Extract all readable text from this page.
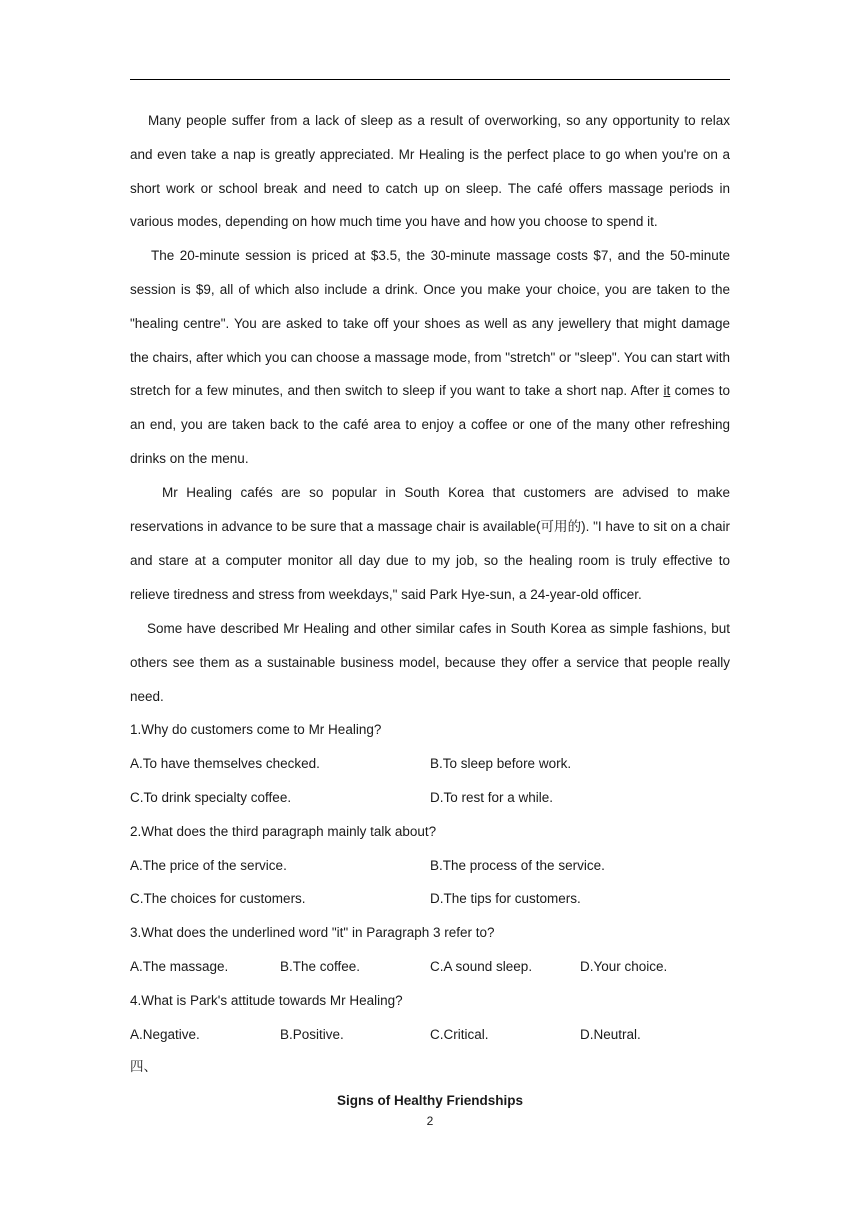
Many people suffer from a lack of sleep as a result of overworking, so any opportunity to relax and even take a nap is greatly appreciated. Mr Healing is the perfect place to go when you're on a short work or school break and need to catch up on sleep. The café offers massage periods in various modes, depending on how much time you have and how you choose to spend it.

The 20-minute session is priced at $3.5, the 30-minute massage costs $7, and the 50-minute session is $9, all of which also include a drink. Once you make your choice, you are taken to the "healing centre". You are asked to take off your shoes as well as any jewellery that might damage the chairs, after which you can choose a massage mode, from "stretch" or "sleep". You can start with stretch for a few minutes, and then switch to sleep if you want to take a short nap. After it comes to an end, you are taken back to the café area to enjoy a coffee or one of the many other refreshing drinks on the menu.

Mr Healing cafés are so popular in South Korea that customers are advised to make reservations in advance to be sure that a massage chair is available(可用的). "I have to sit on a chair and stare at a computer monitor all day due to my job, so the healing room is truly effective to relieve tiredness and stress from weekdays," said Park Hye-sun, a 24-year-old officer.

Some have described Mr Healing and other similar cafes in South Korea as simple fashions, but others see them as a sustainable business model, because they offer a service that people really need.

1.Why do customers come to Mr Healing?
A.To have themselves checked.	B.To sleep before work.
C.To drink specialty coffee.	D.To rest for a while.
2.What does the third paragraph mainly talk about?
A.The price of the service.	B.The process of the service.
C.The choices for customers.	D.The tips for customers.
3.What does the underlined word "it" in Paragraph 3 refer to?
A.The massage.	B.The coffee.	C.A sound sleep.	D.Your choice.
4.What is Park's attitude towards Mr Healing?
A.Negative.	B.Positive.	C.Critical.	D.Neutral.
四、
Signs of Healthy Friendships
2
